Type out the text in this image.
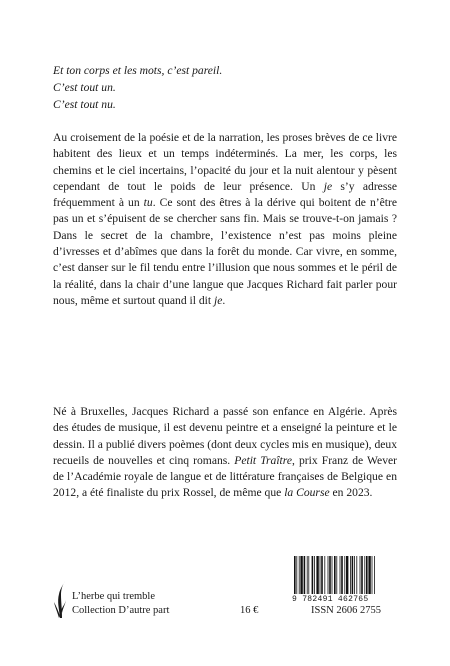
Et ton corps et les mots, c’est pareil.
C’est tout un.
C’est tout nu.
Au croisement de la poésie et de la narration, les proses brèves de ce livre habitent des lieux et un temps indéterminés. La mer, les corps, les chemins et le ciel incertains, l’opacité du jour et la nuit alentour y pèsent cependant de tout le poids de leur présence. Un je s’y adresse fréquemment à un tu. Ce sont des êtres à la dérive qui boitent de n’être pas un et s’épuisent de se chercher sans fin. Mais se trouve-t-on jamais ? Dans le secret de la chambre, l’existence n’est pas moins pleine d’ivresses et d’abîmes que dans la forêt du monde. Car vivre, en somme, c’est danser sur le fil tendu entre l’illusion que nous sommes et le péril de la réalité, dans la chair d’une langue que Jacques Richard fait parler pour nous, même et surtout quand il dit je.
Né à Bruxelles, Jacques Richard a passé son enfance en Algérie. Après des études de musique, il est devenu peintre et a enseigné la peinture et le dessin. Il a publié divers poèmes (dont deux cycles mis en musique), deux recueils de nouvelles et cinq romans. Petit Traître, prix Franz de Wever de l’Académie royale de langue et de littérature françaises de Belgique en 2012, a été finaliste du prix Rossel, de même que la Course en 2023.
L’herbe qui tremble
Collection D’autre part	16 €
9 782491 462765
ISSN 2606 2755
